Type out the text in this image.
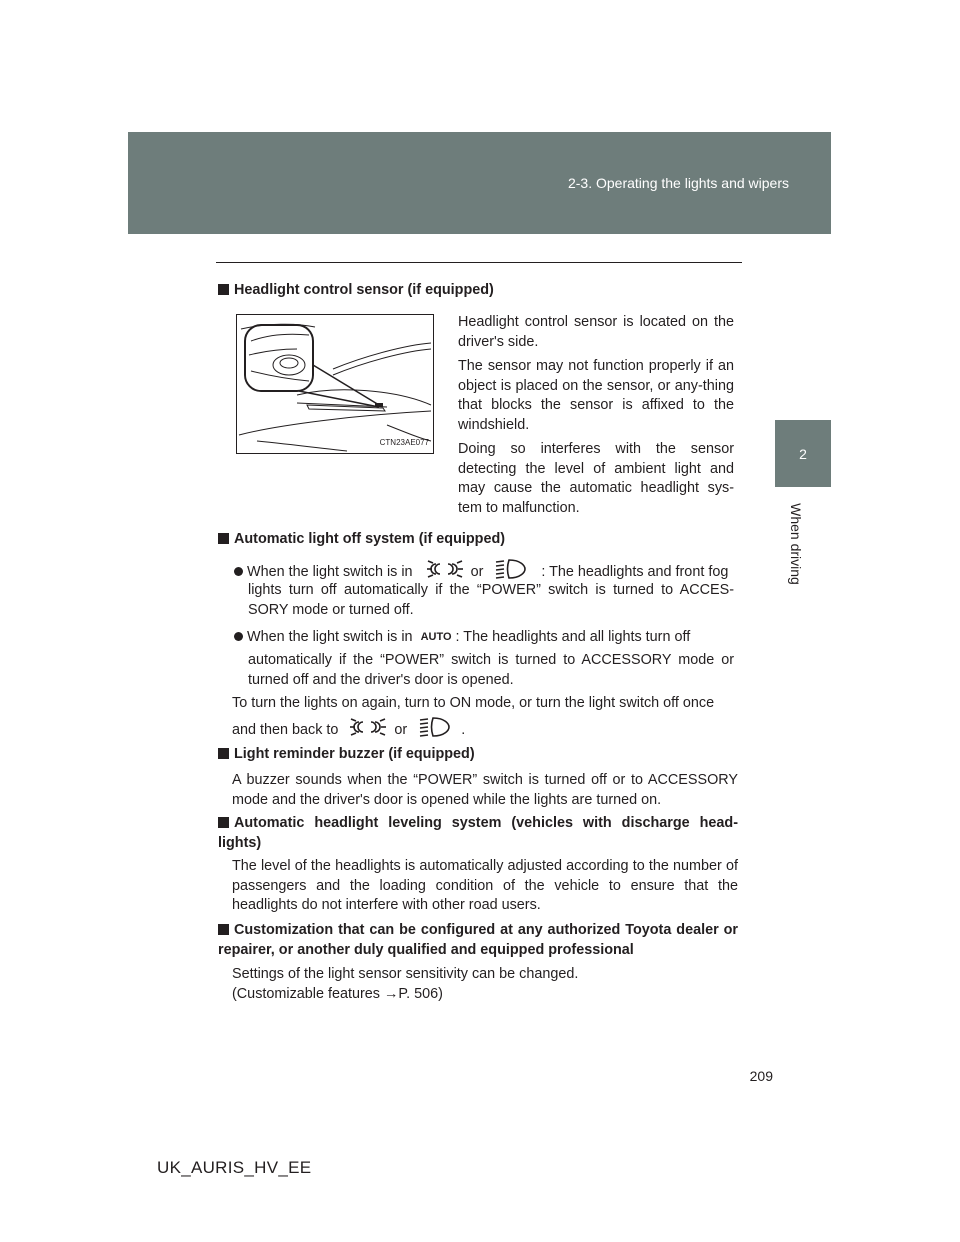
2-3. Operating the lights and wipers
2
When driving
Headlight control sensor (if equipped)
CTN23AE077
Headlight control sensor is located on the driver's side.
The sensor may not function properly if an object is placed on the sensor, or any-thing that blocks the sensor is affixed to the windshield.
Doing so interferes with the sensor detecting the level of ambient light and may cause the automatic headlight sys-tem to malfunction.
Automatic light off system (if equipped)
When the light switch is in	or	: The headlights and front fog
lights turn off automatically if the “POWER” switch is turned to ACCES-SORY mode or turned off.
When the light switch is in AUTO : The headlights and all lights turn off
automatically if the “POWER” switch is turned to ACCESSORY mode or turned off and the driver's door is opened.
To turn the lights on again, turn to ON mode, or turn the light switch off once
and then back to	or	.
Light reminder buzzer (if equipped)
A buzzer sounds when the “POWER” switch is turned off or to ACCESSORY mode and the driver's door is opened while the lights are turned on.
Automatic headlight leveling system (vehicles with discharge head-lights)
The level of the headlights is automatically adjusted according to the number of passengers and the loading condition of the vehicle to ensure that the headlights do not interfere with other road users.
Customization that can be configured at any authorized Toyota dealer or repairer, or another duly qualified and equipped professional
Settings of the light sensor sensitivity can be changed.
(Customizable features →P. 506)
209
UK_AURIS_HV_EE
